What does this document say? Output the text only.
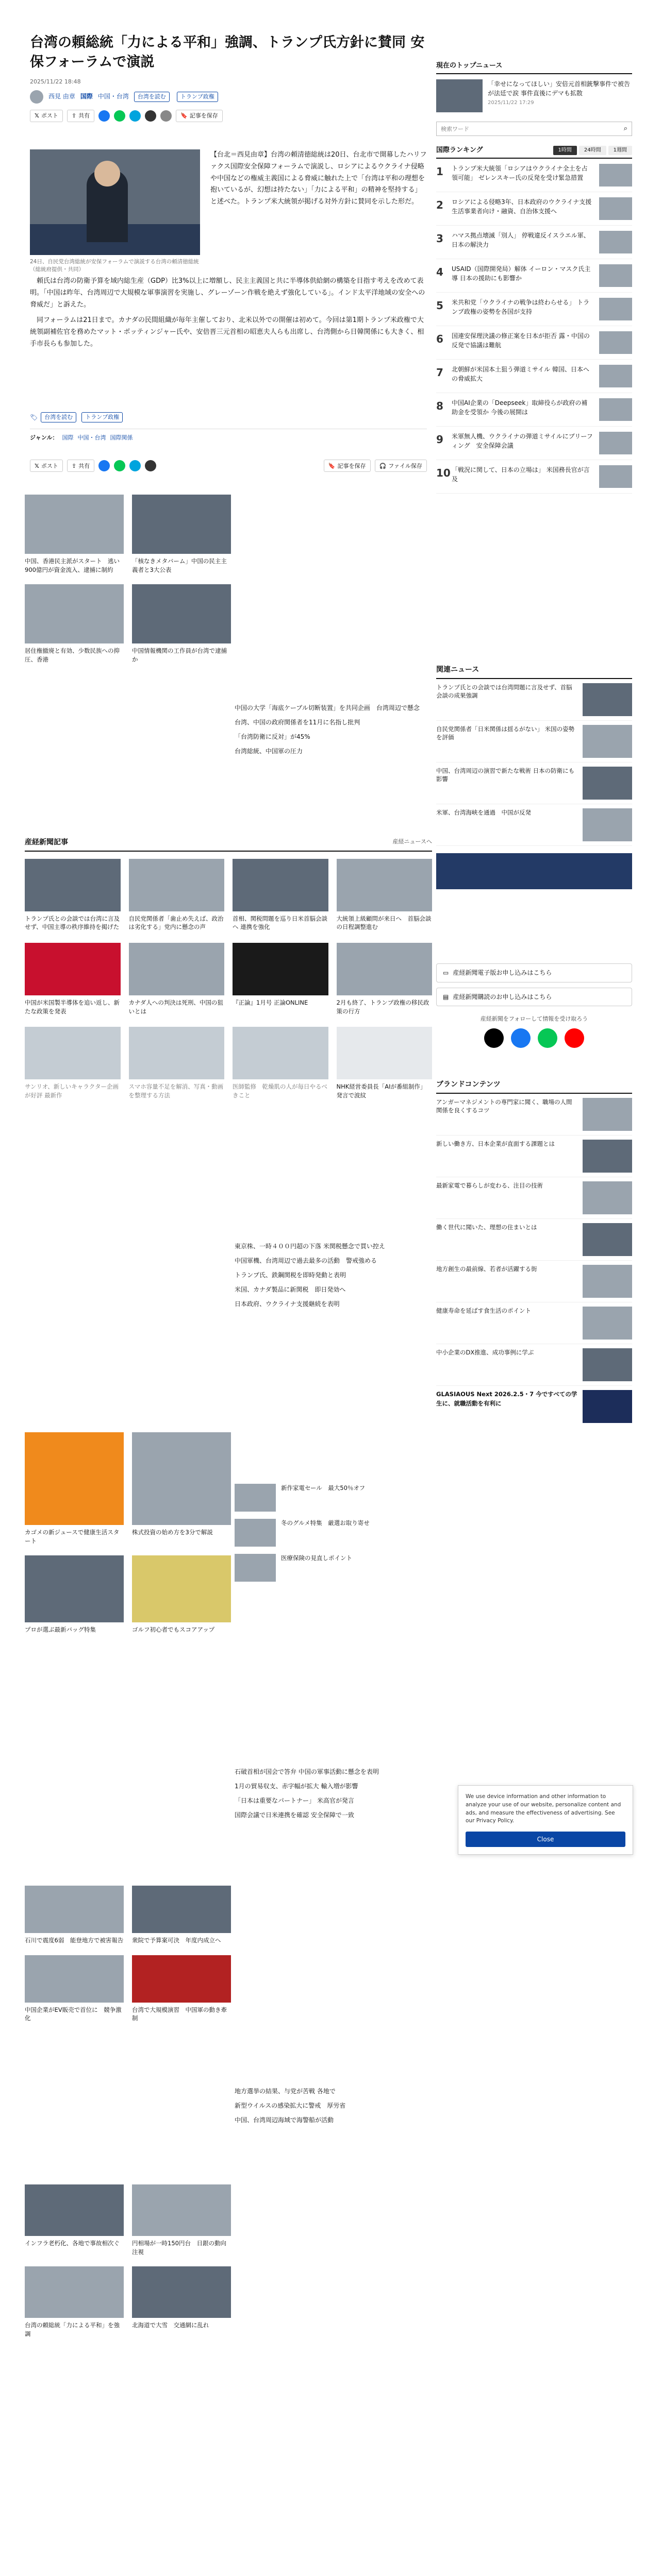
台湾の頼総統「力による平和」強調、トランプ氏方針に賛同 安保フォーラムで演説
2025/11/22 18:48
西見 由章 国際 中国・台湾	台湾を読む	トランプ政権
𝕏 ポスト ⇪ 共有	🔖 記事を保存
24日、自民党台湾総統が安保フォーラムで演説する台湾の頼清徳総統（総統府提供・共同）
【台北＝西見由章】台湾の頼清徳総統は20日、台北市で開幕したハリファクス国際安全保障フォーラムで演説し、ロシアによるウクライナ侵略や中国などの権威主義国による脅威に触れた上で「台湾は平和の理想を抱いているが、幻想は持たない」「力による平和」の精神を堅持する」と述べた。トランプ米大統領が掲げる対外方針に賛同を示した形だ。

頼氏は台湾の防衛予算を域内総生産（GDP）比3%以上に増額し、民主主義国と共に半導体供給網の構築を目指す考えを改めて表明。「中国は昨年、台湾周辺で大規模な軍事演習を実施し、グレーゾーン作戦を絶えず強化している」。インド太平洋地域の安全への脅威だ」と訴えた。

同フォーラムは21日まで。カナダの民間組織が毎年主催しており、北米以外での開催は初めて。今回は第1期トランプ米政権で大統領副補佐官を務めたマット・ポッティンジャー氏や、安倍晋三元首相の昭恵夫人らも出席し、台湾側から日韓関係にも大きく、相手市長らも参加した。

🏷	台湾を読む	トランプ政権
ジャンル： 国際 中国・台湾 国際関係
𝕏 ポスト ⇪ 共有	🔖 記事を保存 🎧 ファイル保存
中国、香港民主派がスタート　逃い900億円が資金流入、逮捕に制約
「核なきメタバーム」中国の民主主義者と3大公表
居住権撤廃と有効、少数民族への抑圧、香港
中国情報機関の工作員が台湾で逮捕か
中国の大学「海底ケーブル切断装置」を共同企画　台湾周辺で懸念
台湾、中国の政府関係者を11月に名指し批判
「台湾防衛に反対」が45%
台湾総統、中国軍の圧力
産経新聞記事	産経ニュースへ
トランプ氏との会談では台湾に言及せず、中国主導の秩序維持を掲げた
自民党関係者「歯止め失えば、政治は劣化する」党内に懸念の声
首相、関税問題を巡り日米首脳会談へ 連携を強化
大統領上級顧問が来日へ　首脳会談の日程調整進む
中国が米国製半導体を追い返し、新たな政策を発表
カナダ人への判決は死刑、中国の狙いとは
『正論』1月号 正論ONLINE	2月も終了、トランプ政権の移民政策の行方
サンリオ、新しいキャラクター企画が好評 最新作
スマホ容量不足を解消、写真・動画を整理する方法
医師監修　乾燥肌の人が毎日やるべきこと
NHK経営委員長「AIが番組制作」発言で波紋
東京株、一時４００円超の下落 米関税懸念で買い控え
中国軍機、台湾周辺で過去最多の活動　警戒強める
トランプ氏、鉄鋼関税を即時発動と表明
米国、カナダ製品に新関税　即日発効へ
日本政府、ウクライナ支援継続を表明
カゴメの新ジュースで健康生活スタート
株式投資の始め方を3分で解説
プロが選ぶ最新バッグ特集	ゴルフ初心者でもスコアアップ
新作家電セール　最大50％オフ
冬のグルメ特集　厳選お取り寄せ
医療保険の見直しポイント
石川で震度6弱　能登地方で被害報告 衆院で予算案可決　年度内成立へ
中国企業がEV販売で首位に　競争激化
台湾で大規模演習　中国軍の動き牽制
石破首相が国会で答弁 中国の軍事活動に懸念を表明
1月の貿易収支、赤字幅が拡大 輸入増が影響
「日本は重要なパートナー」 米高官が発言
国際会議で日米連携を確認 安全保障で一致
地方選挙の結果、与党が苦戦 各地で
新型ウイルスの感染拡大に警戒　厚労省
中国、台湾周辺海域で海警船が活動
インフラ老朽化、各地で事故相次ぐ	円相場が一時150円台　日銀の動向注視
台湾の頼総統「力による平和」を強調
北海道で大雪　交通網に乱れ
現在のトップニュース
「幸せになってほしい」安倍元首相銃撃事件で被告が法廷で涙 事件直後にデマも拡散
2025/11/22 17:29
検索ワード
⌕
国際ランキング	1時間	24時間	1週間
1	トランプ米大統領「ロシアはウクライナ全土を占領可能」 ゼレンスキー氏の反発を受け緊急措置
2	ロシアによる侵略3年、日本政府のウクライナ支援　生活事業者向け・融資、自治体支援へ
3	ハマス拠点壊滅「別人」 停戦違反イスラエル軍、日本の解決力
4	USAID（国際開発局）解体 イーロン・マスク氏主導 日本の援助にも影響か
5	米共和党「ウクライナの戦争は終わらせる」 トランプ政権の姿勢を各国が支持
6	国連安保理決議の修正案を日本が拒否 露・中国の反発で協議は難航
7	北朝鮮が米国本土狙う弾道ミサイル 韓国、日本への脅威拡大
8	中国AI企業の「Deepseek」取締役らが政府の補助金を受領か 今後の展開は
9	米軍無人機、ウクライナの弾道ミサイルにブリーフィング　安全保障会議
10 「戦況に関して、日本の立場は」 米国務長官が言及
関連ニュース
トランプ氏との会談では台湾問題に言及せず、首脳会談の成果強調
自民党関係者「日米関係は揺るがない」 米国の姿勢を評価
中国、台湾周辺の演習で新たな戦術 日本の防衛にも影響
米軍、台湾海峡を通過　中国が反発
▭ 産経新聞電子版お申し込みはこちら
▤ 産経新聞購読のお申し込みはこちら
産経新聞をフォローして情報を受け取ろう
ブランドコンテンツ
アンガーマネジメントの専門家に聞く、職場の人間関係を良くするコツ
新しい働き方、日本企業が直面する課題とは
最新家電で暮らしが変わる、注目の技術
働く世代に聞いた、理想の住まいとは
地方創生の最前線、若者が活躍する街
健康寿命を延ばす食生活のポイント
中小企業のDX推進、成功事例に学ぶ
GLASIAOUS Next 2026.2.5・7 今ですべての学生に、就職活動を有利に
We use device information and other information to analyze your use of our website, personalize content and ads, and measure the effectiveness of advertising. See our Privacy Policy.
Close
